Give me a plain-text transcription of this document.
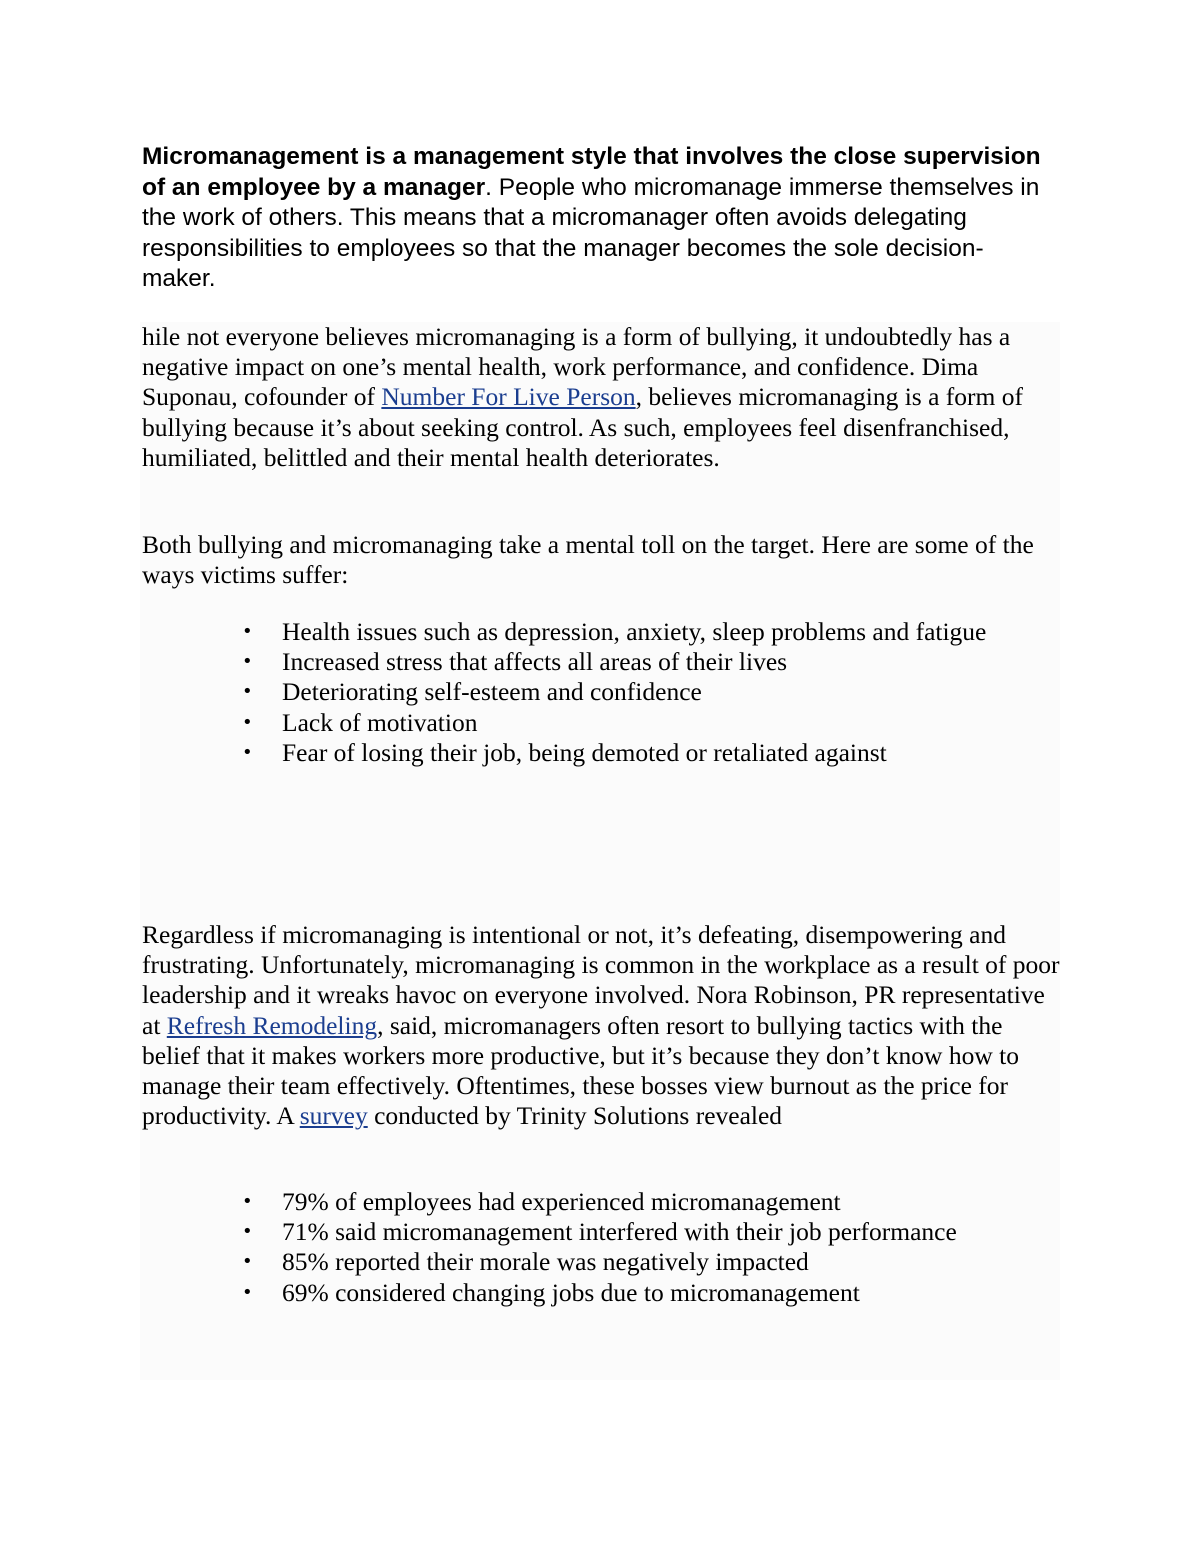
Micromanagement is a management style that involves the close supervision of an employee by a manager. People who micromanage immerse themselves in the work of others. This means that a micromanager often avoids delegating responsibilities to employees so that the manager becomes the sole decision-maker.

hile not everyone believes micromanaging is a form of bullying, it undoubtedly has a negative impact on one’s mental health, work performance, and confidence. Dima Suponau, cofounder of Number For Live Person, believes micromanaging is a form of bullying because it’s about seeking control. As such, employees feel disenfranchised, humiliated, belittled and their mental health deteriorates.

Both bullying and micromanaging take a mental toll on the target. Here are some of the ways victims suffer:

• Health issues such as depression, anxiety, sleep problems and fatigue
• Increased stress that affects all areas of their lives
• Deteriorating self-esteem and confidence
• Lack of motivation
• Fear of losing their job, being demoted or retaliated against

Regardless if micromanaging is intentional or not, it’s defeating, disempowering and frustrating. Unfortunately, micromanaging is common in the workplace as a result of poor leadership and it wreaks havoc on everyone involved. Nora Robinson, PR representative at Refresh Remodeling, said, micromanagers often resort to bullying tactics with the belief that it makes workers more productive, but it’s because they don’t know how to manage their team effectively. Oftentimes, these bosses view burnout as the price for productivity. A survey conducted by Trinity Solutions revealed

• 79% of employees had experienced micromanagement
• 71% said micromanagement interfered with their job performance
• 85% reported their morale was negatively impacted
• 69% considered changing jobs due to micromanagement
